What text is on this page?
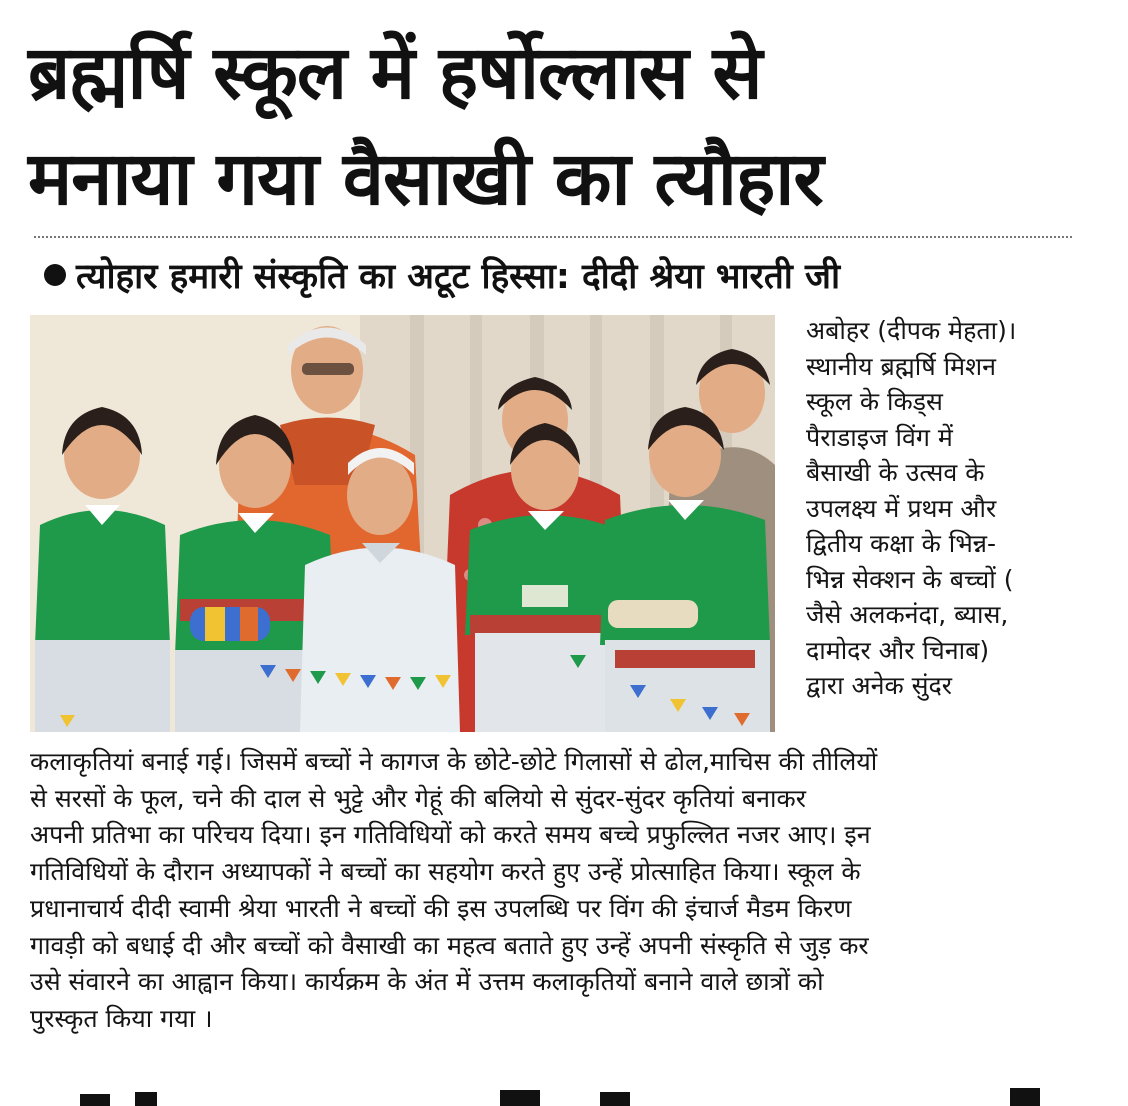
ब्रह्मर्षि स्कूल में हर्षोल्लास से
मनाया गया वैसाखी का त्यौहार
त्योहार हमारी संस्कृति का अटूट हिस्सा: दीदी श्रेया भारती जी
अबोहर (दीपक मेहता)।
स्थानीय ब्रह्मर्षि मिशन
स्कूल के किड्स
पैराडाइज विंग में
बैसाखी के उत्सव के
उपलक्ष्य में प्रथम और
द्वितीय कक्षा के भिन्न-
भिन्न सेक्शन के बच्चों (
जैसे अलकनंदा, ब्यास,
दामोदर और चिनाब)
द्वारा अनेक सुंदर
कलाकृतियां बनाई गई। जिसमें बच्चों ने कागज के छोटे-छोटे गिलासों से ढोल,माचिस की तीलियों
से सरसों के फूल, चने की दाल से भुट्टे और गेहूं की बलियो से सुंदर-सुंदर कृतियां बनाकर
अपनी प्रतिभा का परिचय दिया। इन गतिविधियों को करते समय बच्चे प्रफुल्लित नजर आए। इन
गतिविधियों के दौरान अध्यापकों ने बच्चों का सहयोग करते हुए उन्हें प्रोत्साहित किया। स्कूल के
प्रधानाचार्य दीदी स्वामी श्रेया भारती ने बच्चों की इस उपलब्धि पर विंग की इंचार्ज मैडम किरण
गावड़ी को बधाई दी और बच्चों को वैसाखी का महत्व बताते हुए उन्हें अपनी संस्कृति से जुड़ कर
उसे संवारने का आह्वान किया। कार्यक्रम के अंत में उत्तम कलाकृतियों बनाने वाले छात्रों को
पुरस्कृत किया गया ।
